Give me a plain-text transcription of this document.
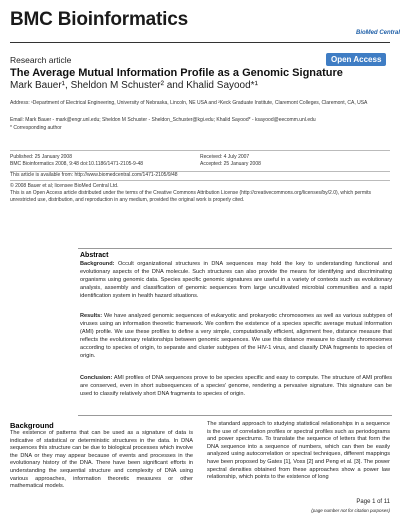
BMC Bioinformatics
BioMed Central
Research article	Open Access
The Average Mutual Information Profile as a Genomic Signature
Mark Bauer¹, Sheldon M Schuster² and Khalid Sayood*¹
Address: ¹Department of Electrical Engineering, University of Nebraska, Lincoln, NE USA and ²Keck Graduate Institute, Claremont Colleges, Claremont, CA, USA
Email: Mark Bauer - mark@engr.unl.edu; Sheldon M Schuster - Sheldon_Schuster@kgi.edu; Khalid Sayood* - ksayood@eecomm.unl.edu
* Corresponding author
Published: 25 January 2008	Received: 4 July 2007
BMC Bioinformatics 2008, 9:48 doi:10.1186/1471-2105-9-48	Accepted: 25 January 2008
This article is available from: http://www.biomedcentral.com/1471-2105/9/48
© 2008 Bauer et al; licensee BioMed Central Ltd.
This is an Open Access article distributed under the terms of the Creative Commons Attribution License (http://creativecommons.org/licenses/by/2.0), which permits unrestricted use, distribution, and reproduction in any medium, provided the original work is properly cited.
Abstract
Background: Occult organizational structures in DNA sequences may hold the key to understanding functional and evolutionary aspects of the DNA molecule. Such structures can also provide the means for identifying and discriminating organisms using genomic data. Species specific genomic signatures are useful in a variety of contexts such as evolutionary analysis, assembly and classification of genomic sequences from large uncultivated microbial communities and a rapid identification system in health hazard situations.
Results: We have analyzed genomic sequences of eukaryotic and prokaryotic chromosomes as well as various subtypes of viruses using an information theoretic framework. We confirm the existence of a species specific average mutual information (AMI) profile. We use these profiles to define a very simple, computationally efficient, alignment free, distance measure that reflects the evolutionary relationships between genomic sequences. We use this distance measure to classify chromosomes according to species of origin, to separate and cluster subtypes of the HIV-1 virus, and classify DNA fragments to species of origin.
Conclusion: AMI profiles of DNA sequences prove to be species specific and easy to compute. The structure of AMI profiles are conserved, even in short subsequences of a species' genome, rendering a pervasive signature. This signature can be used to classify relatively short DNA fragments to species of origin.
Background
The existence of patterns that can be used as a signature of data is indicative of statistical or deterministic structures in the data. In DNA sequences this structure can be due to biological processes which involve the DNA or they may appear because of events and processes in the evolutionary history of the DNA. There have been significant efforts in understanding the sequential structure and complexity of DNA using various approaches, information theoretic measures or other mathematical models.
The standard approach to studying statistical relationships in a sequence is the use of correlation profiles or spectral profiles such as periodograms and power spectrums. To translate the sequence of letters that form the DNA sequence into a sequence of numbers, which can then be easily analyzed using autocorrelation or spectral techniques, different mappings have been proposed by Gates [1], Voss [2] and Peng et al. [3]. The power spectral densities obtained from these approaches show a power law relationship, which points to the existence of long
Page 1 of 11
(page number not for citation purposes)
